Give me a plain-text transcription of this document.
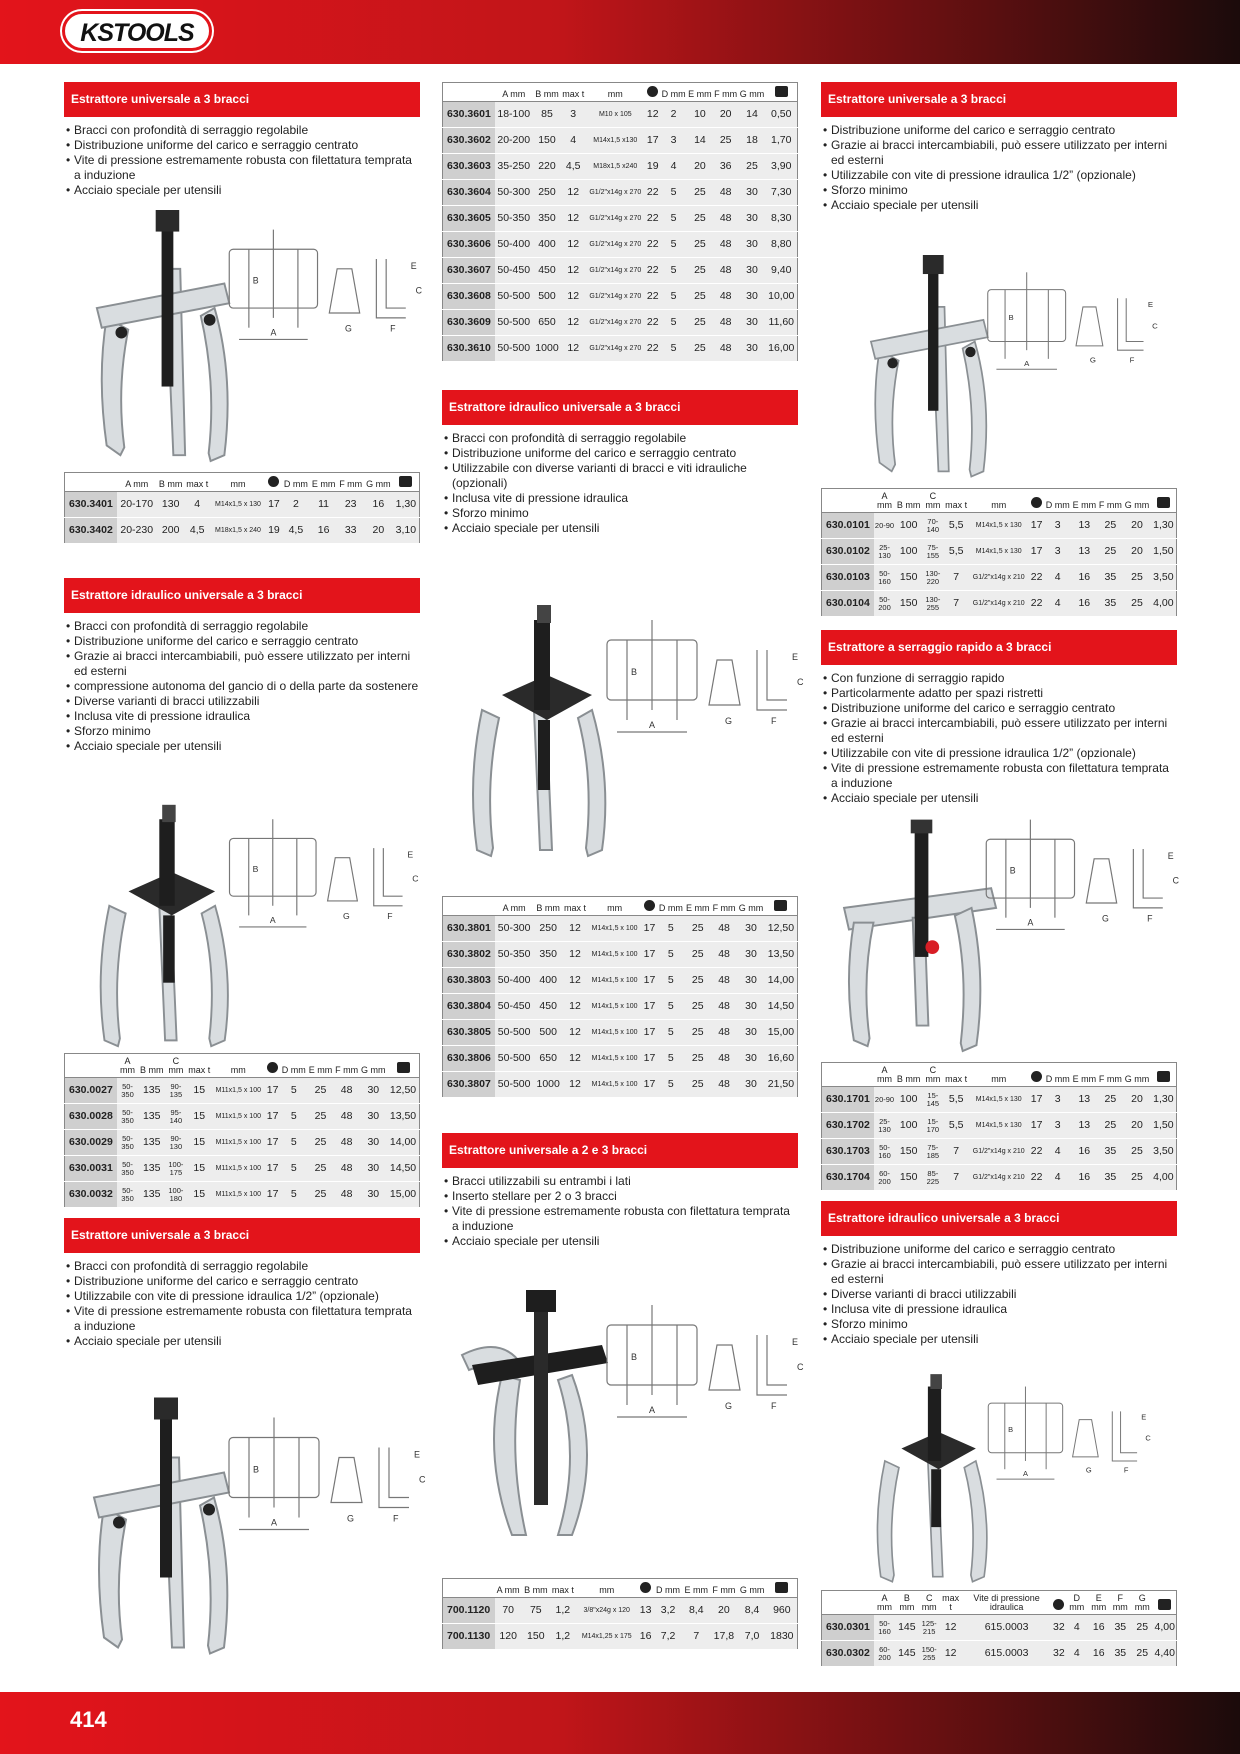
KSTOOLS
Estrattore universale a 3 bracci
• Bracci con profondità di serraggio regolabile
• Distribuzione uniforme del carico e serraggio centrato
• Vite di pressione estremamente robusta con filettatura temprata a induzione
• Acciaio speciale per utensili
A
B
G	F
E
C
	A mm	B mm	max t	mm		D mm	E mm	F mm	G mm	
630.3401	20-170	130	4	M14x1,5 x 130	17	2	11	23	16	1,30
630.3402	20-230	200	4,5	M18x1,5 x 240	19	4,5	16	33	20	3,10
Estrattore idraulico universale a 3 bracci
• Bracci con profondità di serraggio regolabile
• Distribuzione uniforme del carico e serraggio centrato
• Grazie ai bracci intercambiabili, può essere utilizzato per interni ed esterni
• compressione autonoma del gancio di o della parte da sostenere
• Diverse varianti di bracci utilizzabili
• Inclusa vite di pressione idraulica
• Sforzo minimo
• Acciaio speciale per utensili
A
B
G	F
E
C
	A mm	B mm	C mm	max t	mm		D mm	E mm	F mm	G mm	
630.0027	50-350	135	90-135	15	M11x1,5 x 100	17	5	25	48	30	12,50
630.0028	50-350	135	95-140	15	M11x1,5 x 100	17	5	25	48	30	13,50
630.0029	50-350	135	90-130	15	M11x1,5 x 100	17	5	25	48	30	14,00
630.0031	50-350	135	100-175	15	M11x1,5 x 100	17	5	25	48	30	14,50
630.0032	50-350	135	100-180	15	M11x1,5 x 100	17	5	25	48	30	15,00
Estrattore universale a 3 bracci
• Bracci con profondità di serraggio regolabile
• Distribuzione uniforme del carico e serraggio centrato
• Utilizzabile con vite di pressione idraulica 1/2” (opzionale)
• Vite di pressione estremamente robusta con filettatura temprata a induzione
• Acciaio speciale per utensili
A
B
G	F
E
C
	A mm	B mm	max t	mm		D mm	E mm	F mm	G mm	
630.3601	18-100	85	3	M10 x 105	12	2	10	20	14	0,50
630.3602	20-200	150	4	M14x1,5 x130	17	3	14	25	18	1,70
630.3603	35-250	220	4,5	M18x1,5 x240	19	4	20	36	25	3,90
630.3604	50-300	250	12	G1/2"x14g x 270	22	5	25	48	30	7,30
630.3605	50-350	350	12	G1/2"x14g x 270	22	5	25	48	30	8,30
630.3606	50-400	400	12	G1/2"x14g x 270	22	5	25	48	30	8,80
630.3607	50-450	450	12	G1/2"x14g x 270	22	5	25	48	30	9,40
630.3608	50-500	500	12	G1/2"x14g x 270	22	5	25	48	30	10,00
630.3609	50-500	650	12	G1/2"x14g x 270	22	5	25	48	30	11,60
630.3610	50-500	1000	12	G1/2"x14g x 270	22	5	25	48	30	16,00
Estrattore idraulico universale a 3 bracci
• Bracci con profondità di serraggio regolabile
• Distribuzione uniforme del carico e serraggio centrato
• Utilizzabile con diverse varianti di bracci e viti idrauliche (opzionali)
• Inclusa vite di pressione idraulica
• Sforzo minimo
• Acciaio speciale per utensili
A
B
G	F
E
C
	A mm	B mm	max t	mm		D mm	E mm	F mm	G mm	
630.3801	50-300	250	12	M14x1,5 x 100	17	5	25	48	30	12,50
630.3802	50-350	350	12	M14x1,5 x 100	17	5	25	48	30	13,50
630.3803	50-400	400	12	M14x1,5 x 100	17	5	25	48	30	14,00
630.3804	50-450	450	12	M14x1,5 x 100	17	5	25	48	30	14,50
630.3805	50-500	500	12	M14x1,5 x 100	17	5	25	48	30	15,00
630.3806	50-500	650	12	M14x1,5 x 100	17	5	25	48	30	16,60
630.3807	50-500	1000	12	M14x1,5 x 100	17	5	25	48	30	21,50
Estrattore universale a 2 e 3 bracci
• Bracci utilizzabili su entrambi i lati
• Inserto stellare per 2 o 3 bracci
• Vite di pressione estremamente robusta con filettatura temprata a induzione
• Acciaio speciale per utensili
A
B
G	F
E
C
	A mm	B mm	max t	mm		D mm	E mm	F mm	G mm	
700.1120	70	75	1,2	3/8"x24g x 120	13	3,2	8,4	20	8,4	960
700.1130	120	150	1,2	M14x1,25 x 175	16	7,2	7	17,8	7,0	1830
Estrattore universale a 3 bracci
• Distribuzione uniforme del carico e serraggio centrato
• Grazie ai bracci intercambiabili, può essere utilizzato per interni ed esterni
• Utilizzabile con vite di pressione idraulica 1/2” (opzionale)
• Sforzo minimo
• Acciaio speciale per utensili
A
B
G	F
E
C
	A mm	B mm	C mm	max t	mm		D mm	E mm	F mm	G mm	
630.0101	20-90	100	70-140	5,5	M14x1,5 x 130	17	3	13	25	20	1,30
630.0102	25-130	100	75-155	5,5	M14x1,5 x 130	17	3	13	25	20	1,50
630.0103	50-160	150	130-220	7	G1/2"x14g x 210	22	4	16	35	25	3,50
630.0104	50-200	150	130-255	7	G1/2"x14g x 210	22	4	16	35	25	4,00
Estrattore a serraggio rapido a 3 bracci
• Con funzione di serraggio rapido
• Particolarmente adatto per spazi ristretti
• Distribuzione uniforme del carico e serraggio centrato
• Grazie ai bracci intercambiabili, può essere utilizzato per interni ed esterni
• Utilizzabile con vite di pressione idraulica 1/2” (opzionale)
• Vite di pressione estremamente robusta con filettatura temprata a induzione
• Acciaio speciale per utensili
A
B
G	F
E
C
	A mm	B mm	C mm	max t	mm		D mm	E mm	F mm	G mm	
630.1701	20-90	100	15-145	5,5	M14x1,5 x 130	17	3	13	25	20	1,30
630.1702	25-130	100	15-170	5,5	M14x1,5 x 130	17	3	13	25	20	1,50
630.1703	50-160	150	75-185	7	G1/2"x14g x 210	22	4	16	35	25	3,50
630.1704	60-200	150	85-225	7	G1/2"x14g x 210	22	4	16	35	25	4,00
Estrattore idraulico universale a 3 bracci
• Distribuzione uniforme del carico e serraggio centrato
• Grazie ai bracci intercambiabili, può essere utilizzato per interni ed esterni
• Diverse varianti di bracci utilizzabili
• Inclusa vite di pressione idraulica
• Sforzo minimo
• Acciaio speciale per utensili
A
B
G	F
E
C
	A mm	B mm	C mm	max t	Vite di pressione idraulica		D mm	E mm	F mm	G mm	
630.0301	50-160	145	125-215	12	615.0003	32	4	16	35	25	4,00
630.0302	60-200	145	150-255	12	615.0003	32	4	16	35	25	4,40
414
